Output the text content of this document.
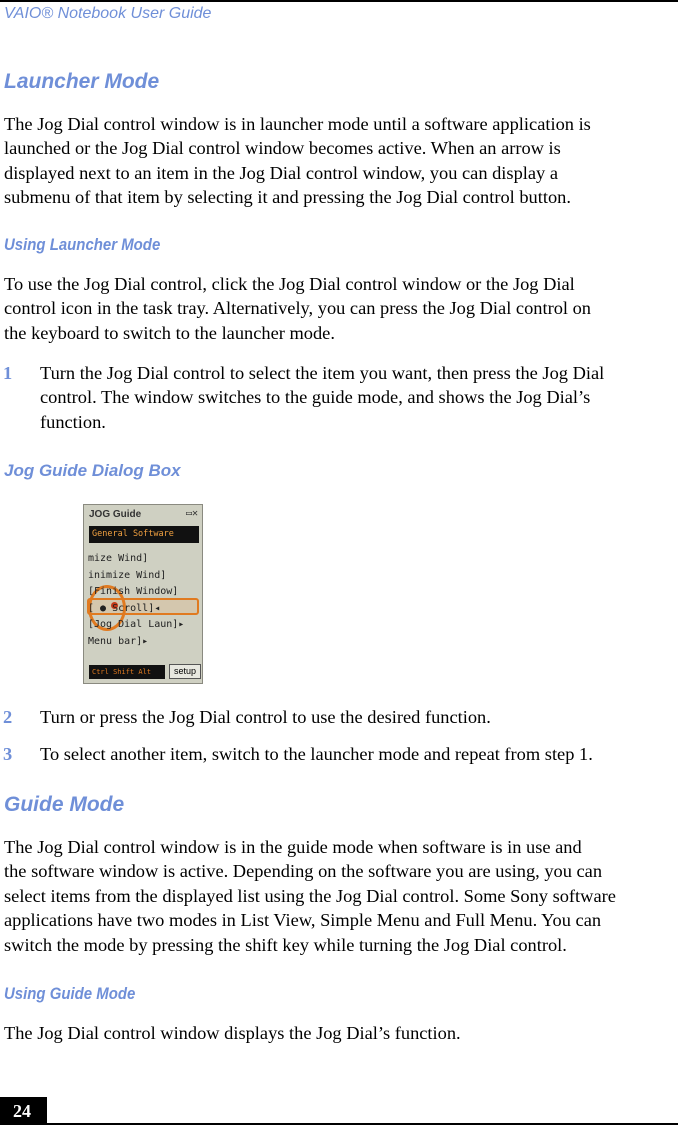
VAIO® Notebook User Guide
Launcher Mode
The Jog Dial control window is in launcher mode until a software application is
launched or the Jog Dial control window becomes active. When an arrow is
displayed next to an item in the Jog Dial control window, you can display a
submenu of that item by selecting it and pressing the Jog Dial control button.
Using Launcher Mode
To use the Jog Dial control, click the Jog Dial control window or the Jog Dial
control icon in the task tray. Alternatively, you can press the Jog Dial control on
the keyboard to switch to the launcher mode.
1 Turn the Jog Dial control to select the item you want, then press the Jog Dial
control. The window switches to the guide mode, and shows the Jog Dial’s
function.
Jog Guide Dialog Box
JOG Guide	▭✕
General Software
mize Wind]
inimize Wind]
[Finish Window]
[ ● Scroll]◂
[Jog Dial Laun]▸
Menu bar]▸
Ctrl Shift Alt	setup
2 Turn or press the Jog Dial control to use the desired function.
3 To select another item, switch to the launcher mode and repeat from step 1.
Guide Mode
The Jog Dial control window is in the guide mode when software is in use and
the software window is active. Depending on the software you are using, you can
select items from the displayed list using the Jog Dial control. Some Sony software
applications have two modes in List View, Simple Menu and Full Menu. You can
switch the mode by pressing the shift key while turning the Jog Dial control.
Using Guide Mode
The Jog Dial control window displays the Jog Dial’s function.
24
